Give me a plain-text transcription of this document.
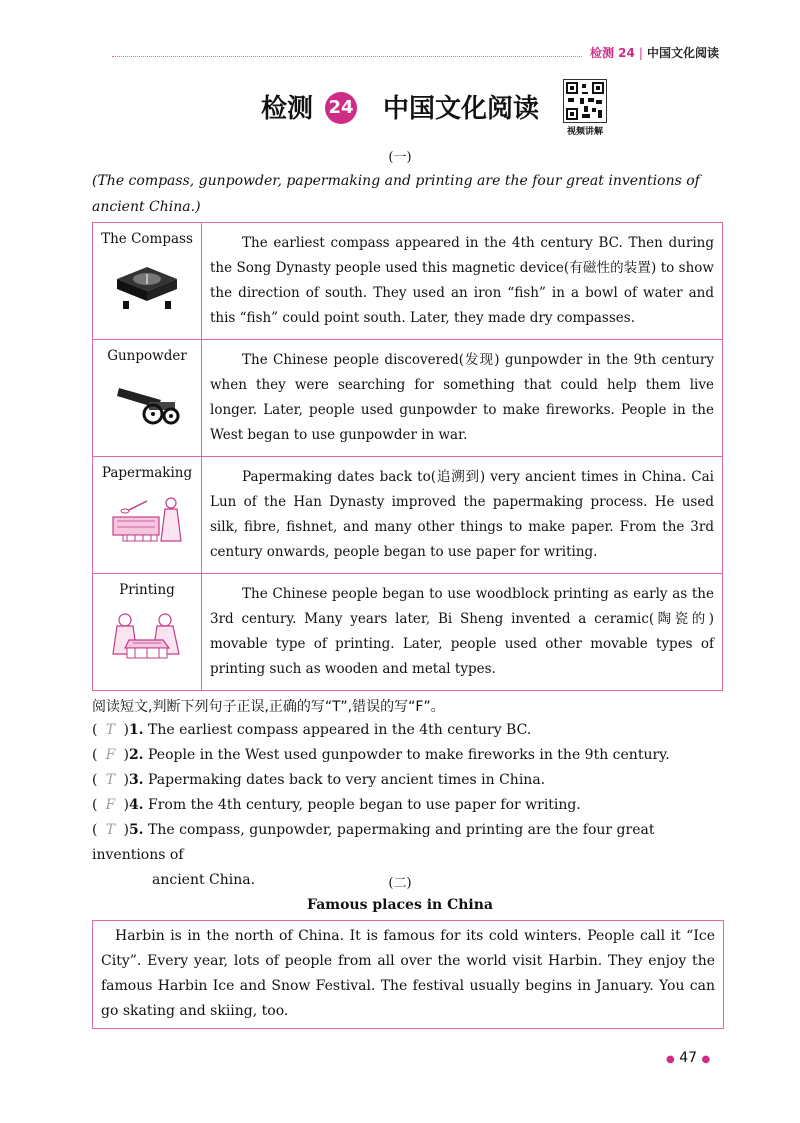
检测 24 | 中国文化阅读
检测 24 中国文化阅读
视频讲解
(一)
(The compass, gunpowder, papermaking and printing are the four great inventions of ancient China.)
The Compass	The earliest compass appeared in the 4th century BC. Then during the Song Dynasty people used this magnetic device(有磁性的装置) to show the direction of south. They used an iron “fish” in a bowl of water and this “fish” could point south. Later, they made dry compasses.

Gunpowder	The Chinese people discovered(发现) gunpowder in the 9th century when they were searching for something that could help them live longer. Later, people used gunpowder to make fireworks. People in the West began to use gunpowder in war.

Papermaking	Papermaking dates back to(追溯到) very ancient times in China. Cai Lun of the Han Dynasty improved the papermaking process. He used silk, fibre, fishnet, and many other things to make paper. From the 3rd century onwards, people began to use paper for writing.

Printing	The Chinese people began to use woodblock printing as early as the 3rd century. Many years later, Bi Sheng invented a ceramic(陶瓷的) movable type of printing. Later, people used other movable types of printing such as wooden and metal types.
阅读短文,判断下列句子正误,正确的写“T”,错误的写“F”。
( T )1. The earliest compass appeared in the 4th century BC.
( F )2. People in the West used gunpowder to make fireworks in the 9th century.
( T )3. Papermaking dates back to very ancient times in China.
( F )4. From the 4th century, people began to use paper for writing.
( T )5. The compass, gunpowder, papermaking and printing are the four great inventions of
ancient China.	(二)
Famous places in China
Harbin is in the north of China. It is famous for its cold winters. People call it “Ice City”. Every year, lots of people from all over the world visit Harbin. They enjoy the famous Harbin Ice and Snow Festival. The festival usually begins in January. You can go skating and skiing, too.
● 47 ●
